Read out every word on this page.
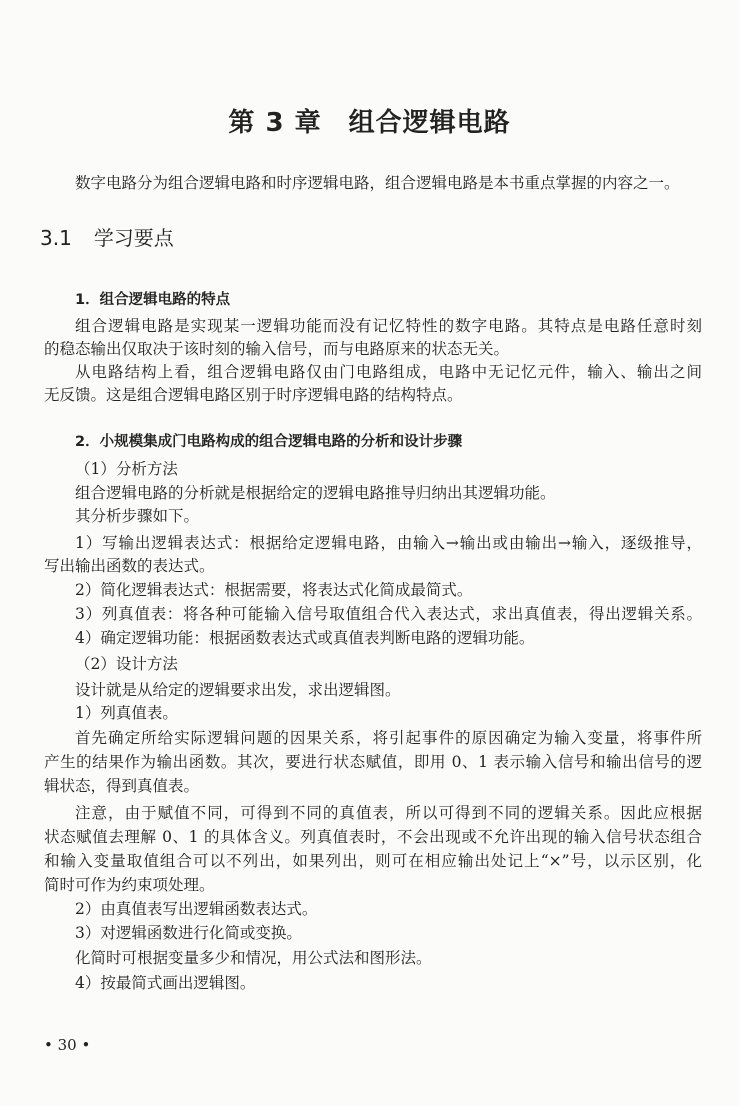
第 3 章　组合逻辑电路
数字电路分为组合逻辑电路和时序逻辑电路，组合逻辑电路是本书重点掌握的内容之一。
3.1 学习要点
1．组合逻辑电路的特点
组合逻辑电路是实现某一逻辑功能而没有记忆特性的数字电路。其特点是电路任意时刻
的稳态输出仅取决于该时刻的输入信号，而与电路原来的状态无关。
从电路结构上看，组合逻辑电路仅由门电路组成，电路中无记忆元件，输入、输出之间
无反馈。这是组合逻辑电路区别于时序逻辑电路的结构特点。
2．小规模集成门电路构成的组合逻辑电路的分析和设计步骤
（1）分析方法
组合逻辑电路的分析就是根据给定的逻辑电路推导归纳出其逻辑功能。
其分析步骤如下。
1）写输出逻辑表达式：根据给定逻辑电路，由输入→输出或由输出→输入，逐级推导，
写出输出函数的表达式。
2）简化逻辑表达式：根据需要，将表达式化简成最简式。
3）列真值表：将各种可能输入信号取值组合代入表达式，求出真值表，得出逻辑关系。
4）确定逻辑功能：根据函数表达式或真值表判断电路的逻辑功能。
（2）设计方法
设计就是从给定的逻辑要求出发，求出逻辑图。
1）列真值表。
首先确定所给实际逻辑问题的因果关系，将引起事件的原因确定为输入变量，将事件所
产生的结果作为输出函数。其次，要进行状态赋值，即用 0、1 表示输入信号和输出信号的逻
辑状态，得到真值表。
注意，由于赋值不同，可得到不同的真值表，所以可得到不同的逻辑关系。因此应根据
状态赋值去理解 0、1 的具体含义。列真值表时，不会出现或不允许出现的输入信号状态组合
和输入变量取值组合可以不列出，如果列出，则可在相应输出处记上“×”号，以示区别，化
简时可作为约束项处理。
2）由真值表写出逻辑函数表达式。
3）对逻辑函数进行化简或变换。
化简时可根据变量多少和情况，用公式法和图形法。
4）按最简式画出逻辑图。
• 30 •
